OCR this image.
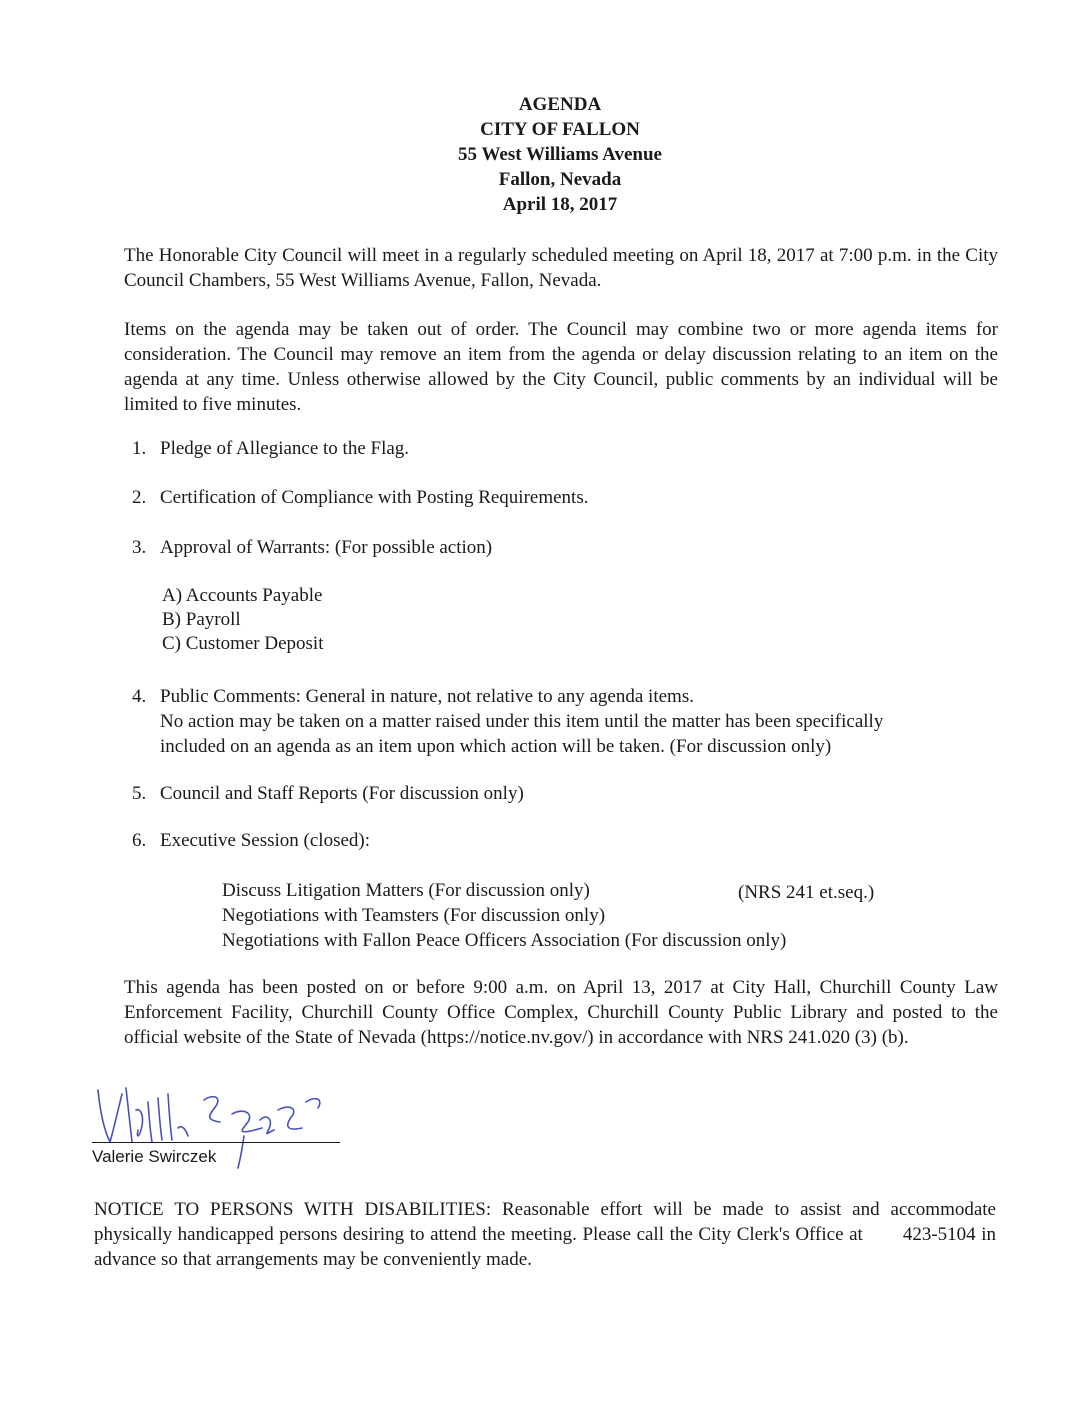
AGENDA
CITY OF FALLON
55 West Williams Avenue
Fallon, Nevada
April 18, 2017
The Honorable City Council will meet in a regularly scheduled meeting on April 18, 2017 at 7:00 p.m. in the City Council Chambers, 55 West Williams Avenue, Fallon, Nevada.
Items on the agenda may be taken out of order. The Council may combine two or more agenda items for consideration. The Council may remove an item from the agenda or delay discussion relating to an item on the agenda at any time. Unless otherwise allowed by the City Council, public comments by an individual will be limited to five minutes.
1. Pledge of Allegiance to the Flag.
2. Certification of Compliance with Posting Requirements.
3. Approval of Warrants: (For possible action)
A) Accounts Payable
B) Payroll
C) Customer Deposit
4. Public Comments: General in nature, not relative to any agenda items.
No action may be taken on a matter raised under this item until the matter has been specifically
included on an agenda as an item upon which action will be taken. (For discussion only)
5. Council and Staff Reports (For discussion only)
6. Executive Session (closed):
Discuss Litigation Matters (For discussion only)	(NRS 241 et.seq.)
Negotiations with Teamsters (For discussion only)
Negotiations with Fallon Peace Officers Association (For discussion only)
This agenda has been posted on or before 9:00 a.m. on April 13, 2017 at City Hall, Churchill County Law Enforcement Facility, Churchill County Office Complex, Churchill County Public Library and posted to the official website of the State of Nevada (https://notice.nv.gov/) in accordance with NRS 241.020 (3) (b).
Valerie Swirczek
NOTICE TO PERSONS WITH DISABILITIES: Reasonable effort will be made to assist and accommodate physically handicapped persons desiring to attend the meeting. Please call the City Clerk's Office at 423-5104 in advance so that arrangements may be conveniently made.
